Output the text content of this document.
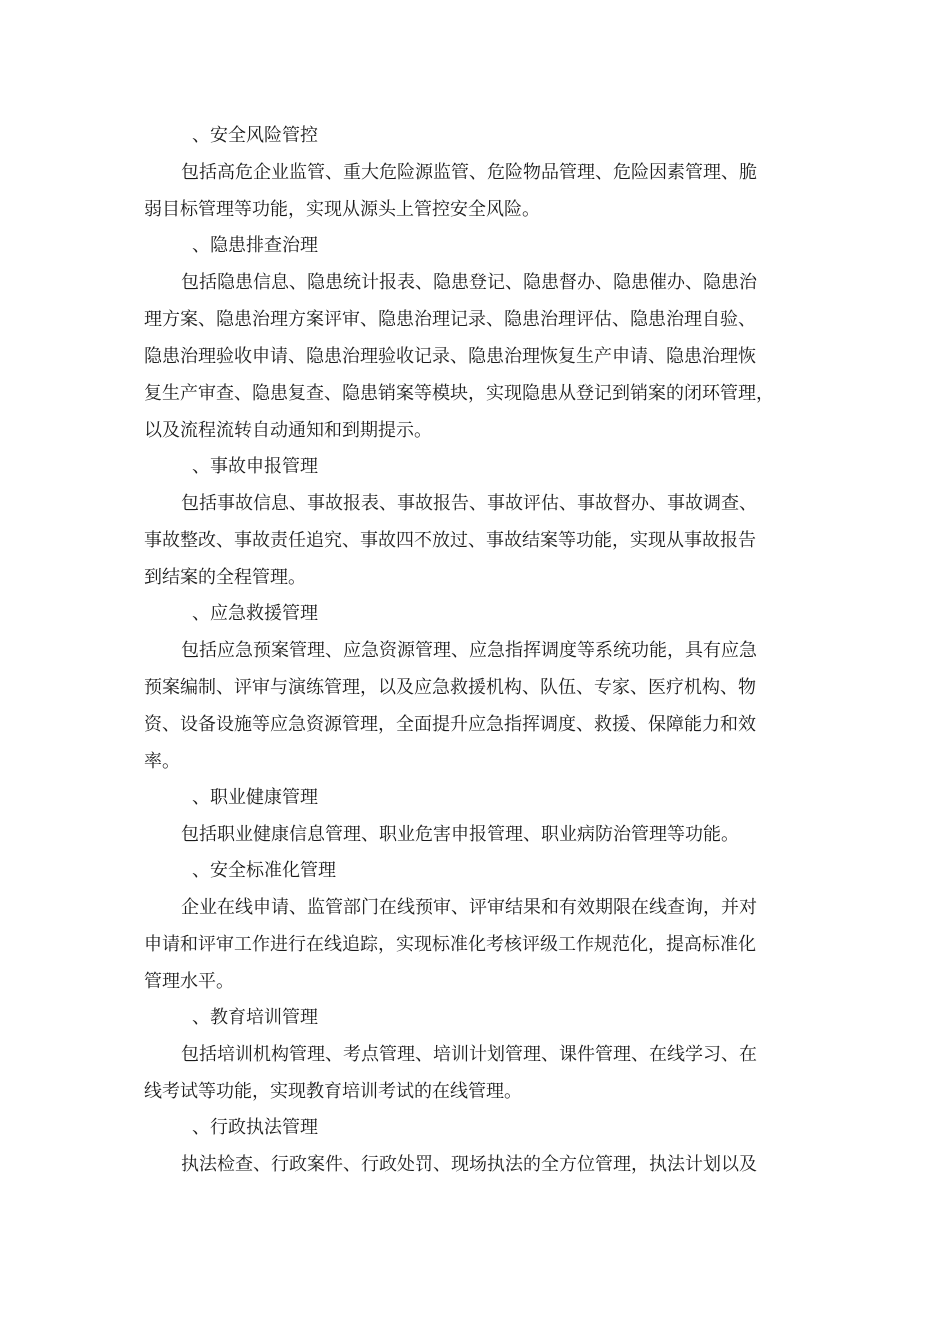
、安全风险管控

包括高危企业监管、重大危险源监管、危险物品管理、危险因素管理、脆
弱目标管理等功能，实现从源头上管控安全风险。

、隐患排查治理

包括隐患信息、隐患统计报表、隐患登记、隐患督办、隐患催办、隐患治
理方案、隐患治理方案评审、隐患治理记录、隐患治理评估、隐患治理自验、
隐患治理验收申请、隐患治理验收记录、隐患治理恢复生产申请、隐患治理恢
复生产审查、隐患复查、隐患销案等模块，实现隐患从登记到销案的闭环管理，
以及流程流转自动通知和到期提示。

、事故申报管理

包括事故信息、事故报表、事故报告、事故评估、事故督办、事故调查、
事故整改、事故责任追究、事故四不放过、事故结案等功能，实现从事故报告
到结案的全程管理。

、应急救援管理

包括应急预案管理、应急资源管理、应急指挥调度等系统功能，具有应急
预案编制、评审与演练管理，以及应急救援机构、队伍、专家、医疗机构、物
资、设备设施等应急资源管理，全面提升应急指挥调度、救援、保障能力和效
率。

、职业健康管理

包括职业健康信息管理、职业危害申报管理、职业病防治管理等功能。

、安全标准化管理

企业在线申请、监管部门在线预审、评审结果和有效期限在线查询，并对
申请和评审工作进行在线追踪，实现标准化考核评级工作规范化，提高标准化
管理水平。

、教育培训管理

包括培训机构管理、考点管理、培训计划管理、课件管理、在线学习、在
线考试等功能，实现教育培训考试的在线管理。

、行政执法管理

执法检查、行政案件、行政处罚、现场执法的全方位管理，执法计划以及
